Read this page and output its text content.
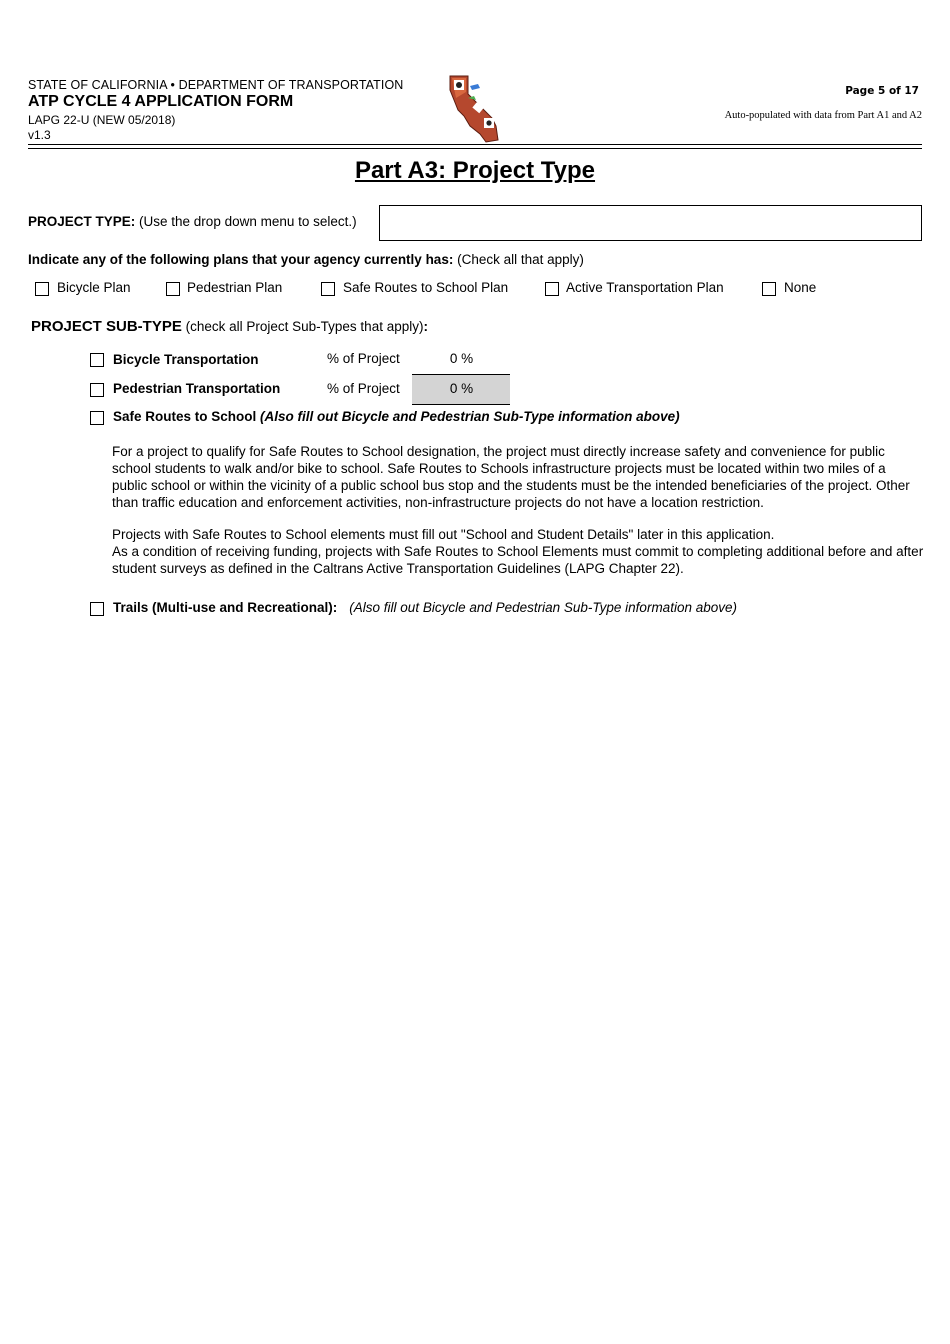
STATE OF CALIFORNIA • DEPARTMENT OF TRANSPORTATION
ATP CYCLE 4 APPLICATION FORM
LAPG 22-U (NEW 05/2018)
v1.3
Page 5 of 17
Auto-populated with data from Part A1 and A2
Part A3: Project Type
PROJECT TYPE: (Use the drop down menu to select.)
Indicate any of the following plans that your agency currently has: (Check all that apply)
Bicycle Plan	Pedestrian Plan	Safe Routes to School Plan	Active Transportation Plan	None
PROJECT SUB-TYPE (check all Project Sub-Types that apply):
Bicycle Transportation	% of Project	0 %
Pedestrian Transportation	% of Project	0 %
Safe Routes to School (Also fill out Bicycle and Pedestrian Sub-Type information above)

For a project to qualify for Safe Routes to School designation, the project must directly increase safety and convenience for public school students to walk and/or bike to school. Safe Routes to Schools infrastructure projects must be located within two miles of a public school or within the vicinity of a public school bus stop and the students must be the intended beneficiaries of the project. Other than traffic education and enforcement activities, non-infrastructure projects do not have a location restriction.

Projects with Safe Routes to School elements must fill out "School and Student Details" later in this application.

As a condition of receiving funding, projects with Safe Routes to School Elements must commit to completing additional before and after student surveys as defined in the Caltrans Active Transportation Guidelines (LAPG Chapter 22).

Trails (Multi-use and Recreational): (Also fill out Bicycle and Pedestrian Sub-Type information above)
